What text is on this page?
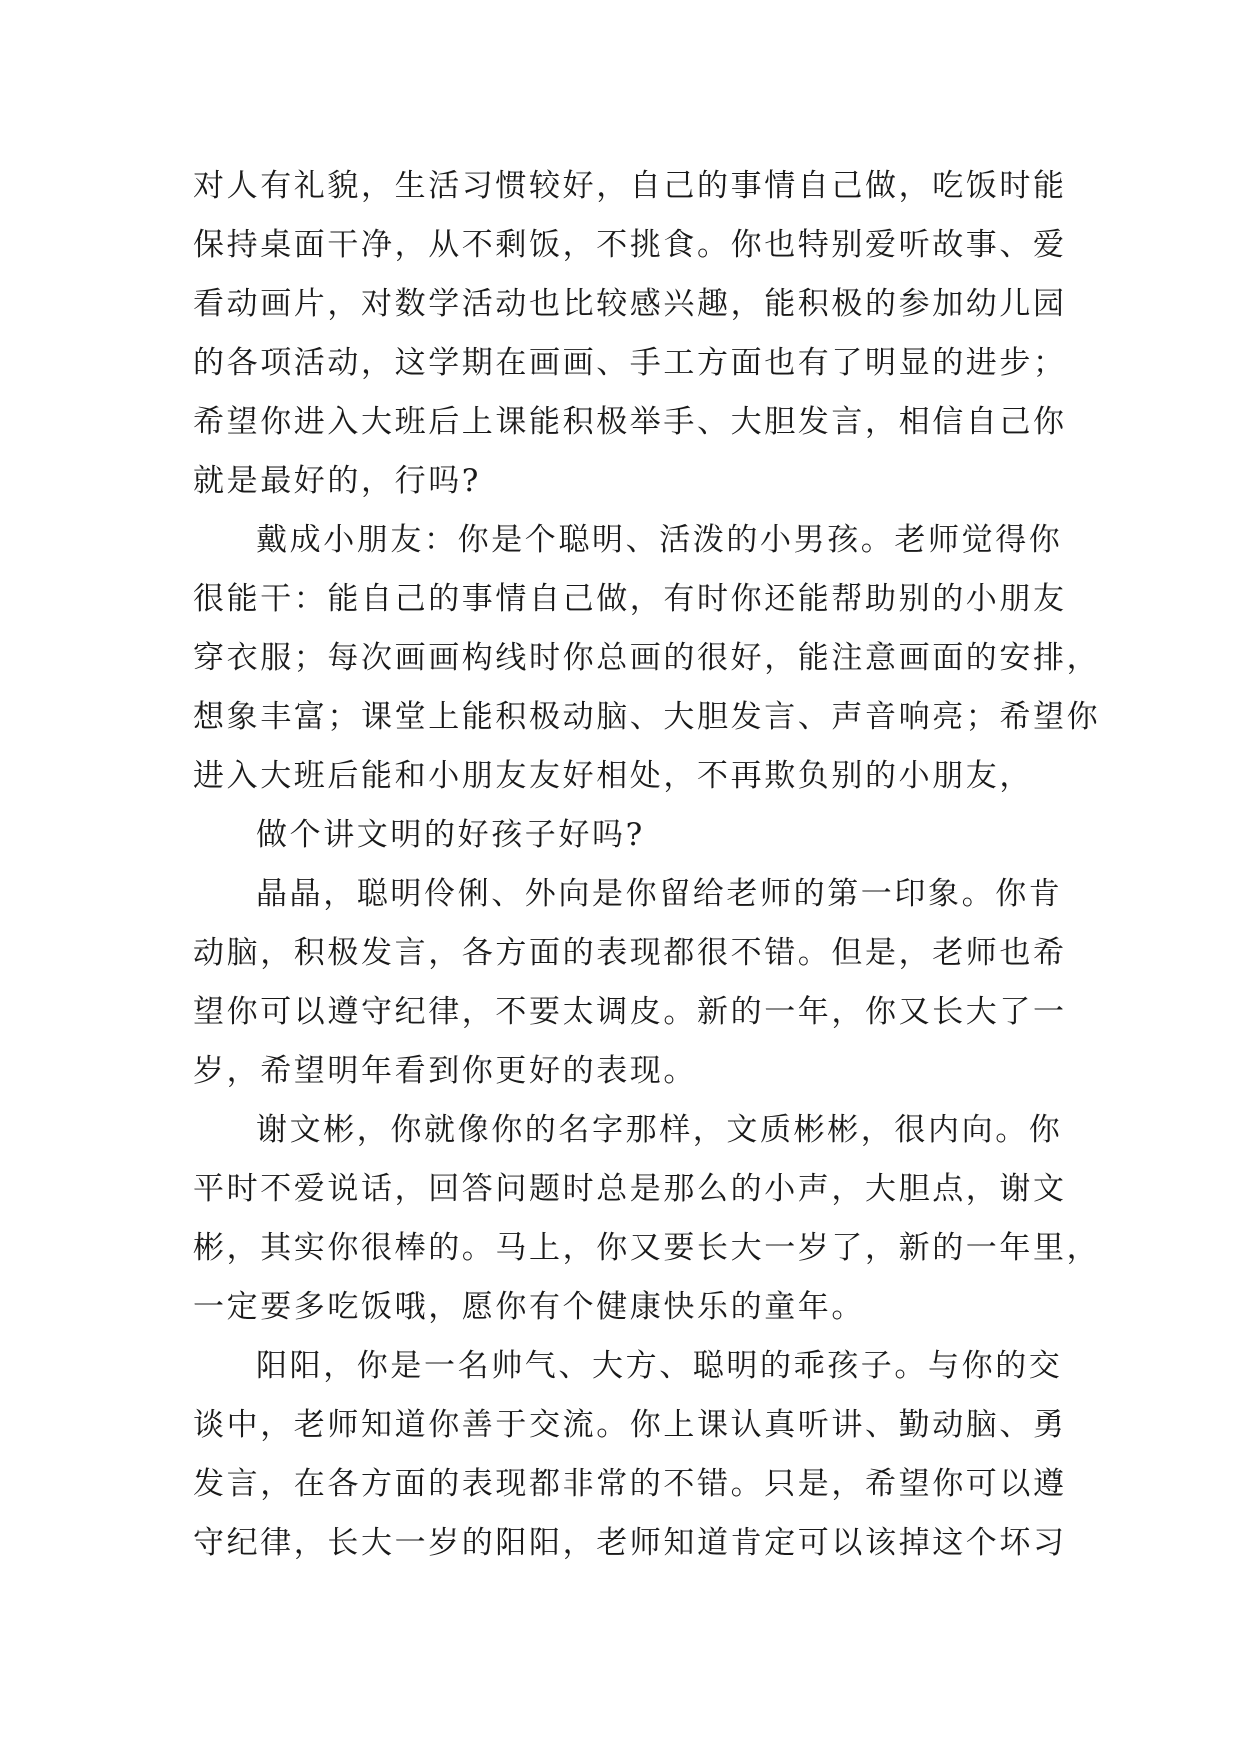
对人有礼貌，生活习惯较好，自己的事情自己做，吃饭时能
保持桌面干净，从不剩饭，不挑食。你也特别爱听故事、爱
看动画片，对数学活动也比较感兴趣，能积极的参加幼儿园
的各项活动，这学期在画画、手工方面也有了明显的进步；
希望你进入大班后上课能积极举手、大胆发言，相信自己你
就是最好的，行吗?
戴成小朋友：你是个聪明、活泼的小男孩。老师觉得你
很能干：能自己的事情自己做，有时你还能帮助别的小朋友
穿衣服；每次画画构线时你总画的很好，能注意画面的安排，
想象丰富；课堂上能积极动脑、大胆发言、声音响亮；希望你
进入大班后能和小朋友友好相处，不再欺负别的小朋友，
做个讲文明的好孩子好吗?
晶晶，聪明伶俐、外向是你留给老师的第一印象。你肯
动脑，积极发言，各方面的表现都很不错。但是，老师也希
望你可以遵守纪律，不要太调皮。新的一年，你又长大了一
岁，希望明年看到你更好的表现。
谢文彬，你就像你的名字那样，文质彬彬，很内向。你
平时不爱说话，回答问题时总是那么的小声，大胆点，谢文
彬，其实你很棒的。马上，你又要长大一岁了，新的一年里，
一定要多吃饭哦，愿你有个健康快乐的童年。
阳阳，你是一名帅气、大方、聪明的乖孩子。与你的交
谈中，老师知道你善于交流。你上课认真听讲、勤动脑、勇
发言，在各方面的表现都非常的不错。只是，希望你可以遵
守纪律，长大一岁的阳阳，老师知道肯定可以该掉这个坏习
